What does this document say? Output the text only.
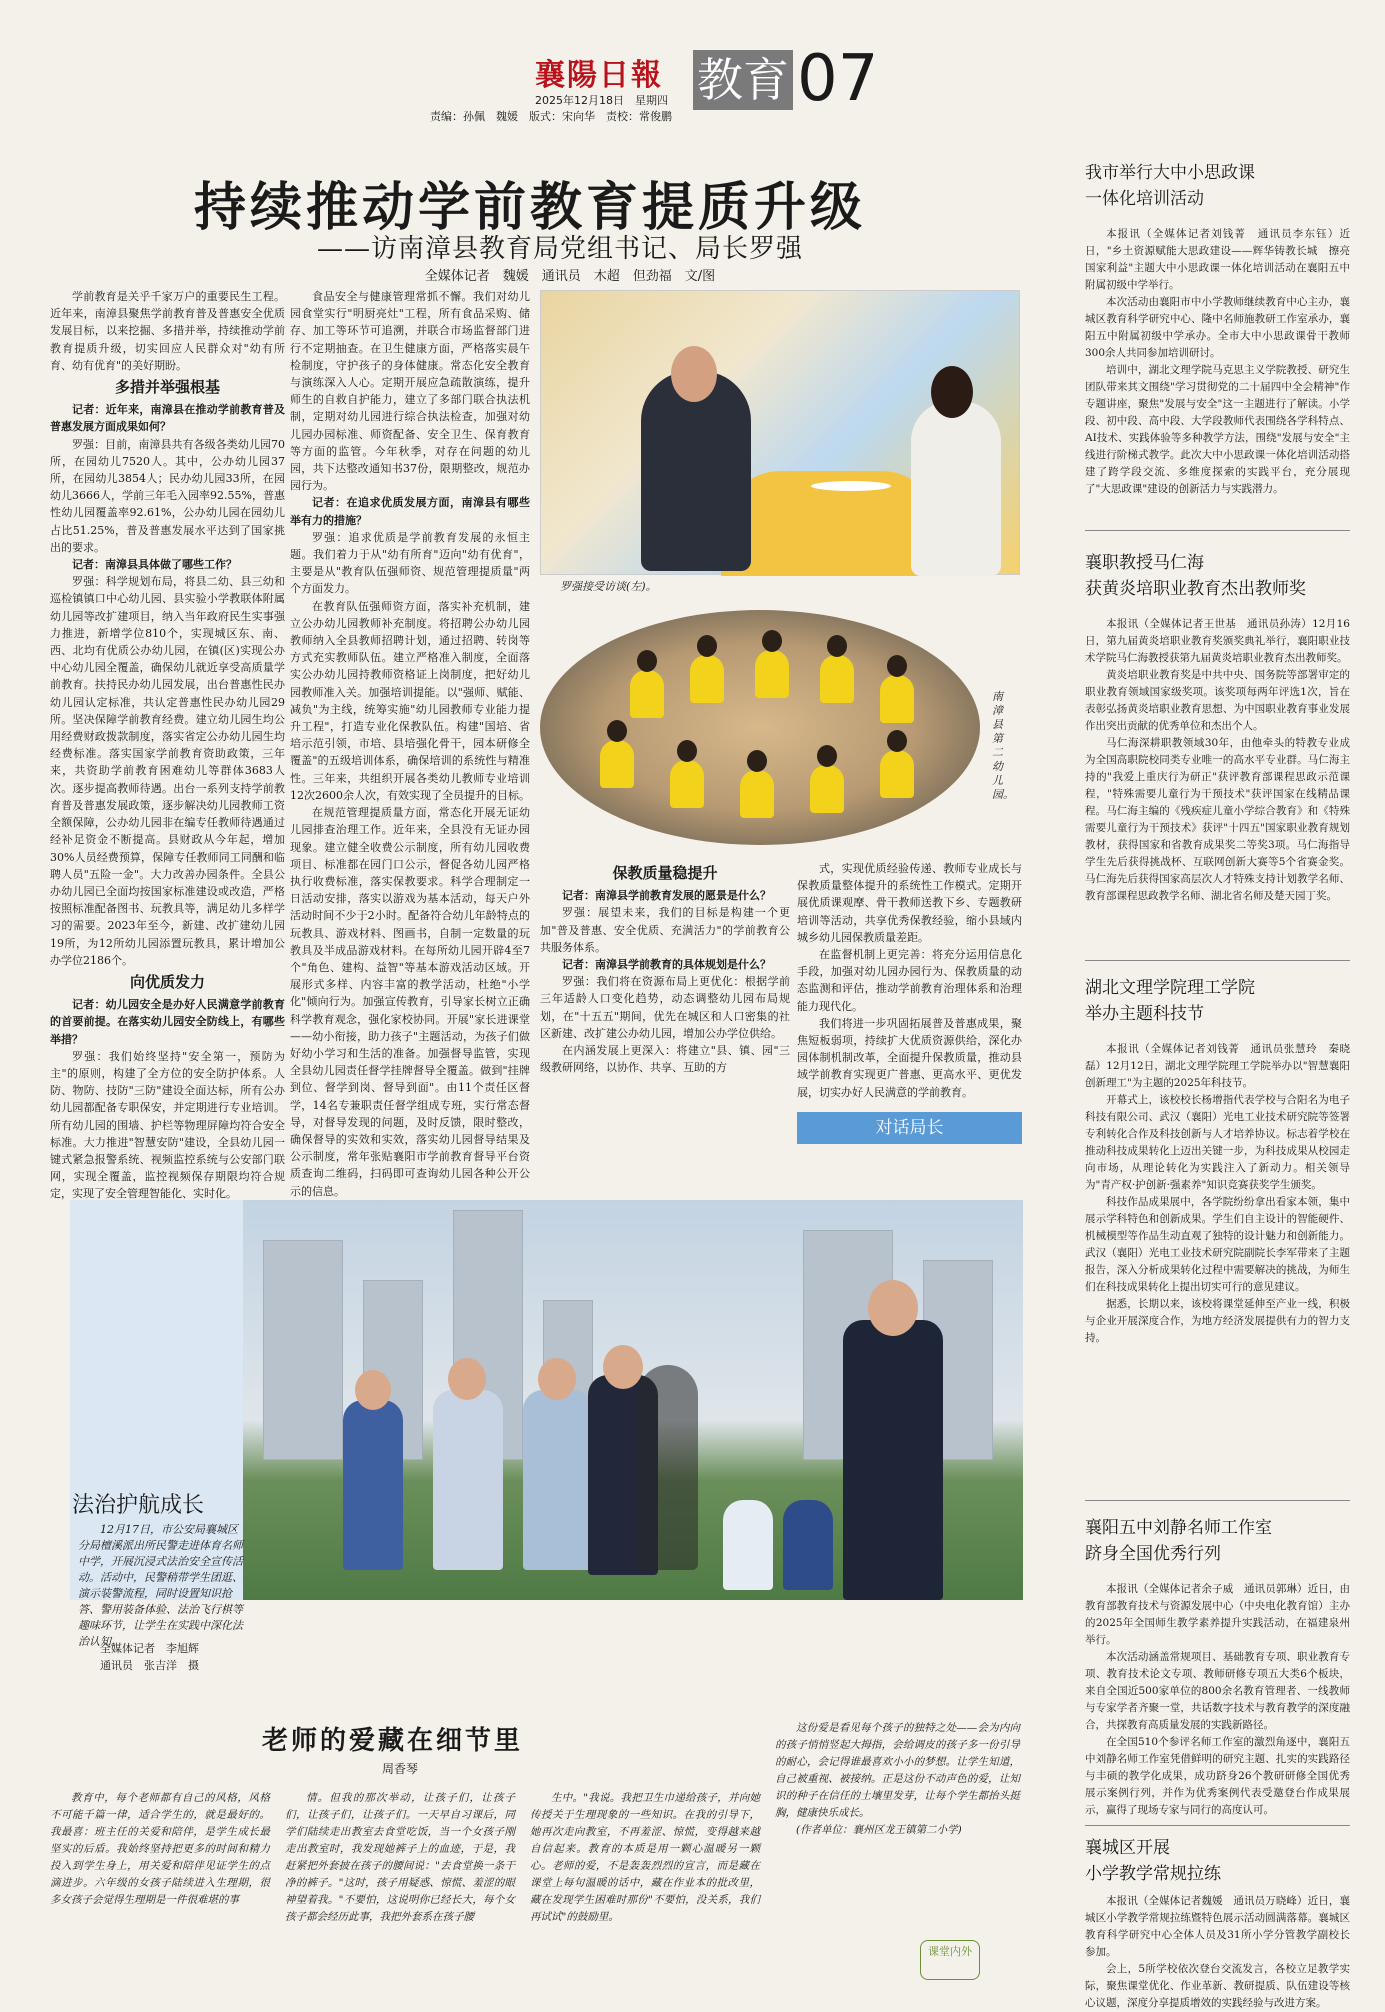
襄陽日報
2025年12月18日　星期四
责编：孙佩　魏媛　版式：宋向华　责校：常俊鹏
教育 07
持续推动学前教育提质升级
——访南漳县教育局党组书记、局长罗强
全媒体记者　魏媛　通讯员　木超　但劲福　文/图

学前教育是关乎千家万户的重要民生工程。近年来，南漳县聚焦学前教育普及普惠安全优质发展目标，以来挖掘、多措并举，持续推动学前教育提质升级，切实回应人民群众对"幼有所育、幼有优育"的美好期盼。

多措并举强根基

记者：近年来，南漳县在推动学前教育普及普惠发展方面成果如何？

罗强：目前，南漳县共有各级各类幼儿园70所，在园幼儿7520人。其中，公办幼儿园37所，在园幼儿3854人；民办幼儿园33所，在园幼儿3666人，学前三年毛入园率92.55%，普惠性幼儿园覆盖率92.61%，公办幼儿园在园幼儿占比51.25%，普及普惠发展水平达到了国家挑出的要求。

记者：南漳县具体做了哪些工作？

罗强：科学规划布局，将县二幼、县三幼和巡检镇镇口中心幼儿园、县实验小学教联体附属幼儿园等改扩建项目，纳入当年政府民生实事强力推进，新增学位810个，实现城区东、南、西、北均有优质公办幼儿园，在镇(区)实现公办中心幼儿园全覆盖，确保幼儿就近享受高质量学前教育。扶持民办幼儿园发展，出台普惠性民办幼儿园认定标准，共认定普惠性民办幼儿园29所。坚决保障学前教育经费。建立幼儿园生均公用经费财政拨款制度，落实省定公办幼儿园生均经费标准。落实国家学前教育资助政策，三年来，共资助学前教育困难幼儿等群体3683人次。逐步提高教师待遇。出台一系列支持学前教育普及普惠发展政策，逐步解决幼儿园教师工资全额保障，公办幼儿园非在编专任教师待遇通过经补足资金不断提高。县财政从今年起，增加30%人员经费预算，保障专任教师同工同酬和临聘人员"五险一金"。大力改善办园条件。全县公办幼儿园已全面均按国家标准建设或改造，严格按照标准配备图书、玩教具等，满足幼儿多样学习的需要。2023年至今，新建、改扩建幼儿园19所，为12所幼儿园添置玩教具，累计增加公办学位2186个。

向优质发力

记者：幼儿园安全是办好人民满意学前教育的首要前提。在落实幼儿园安全防线上，有哪些举措？

罗强：我们始终坚持"安全第一，预防为主"的原则，构建了全方位的安全防护体系。人防、物防、技防"三防"建设全面达标，所有公办幼儿园都配备专职保安，并定期进行专业培训。所有幼儿园的围墙、护栏等物理屏障均符合安全标准。大力推进"智慧安防"建设，全县幼儿园一键式紧急报警系统、视频监控系统与公安部门联网，实现全覆盖，监控视频保存期限均符合规定，实现了安全管理智能化、实时化。

食品安全与健康管理常抓不懈。我们对幼儿园食堂实行"明厨亮灶"工程，所有食品采购、储存、加工等环节可追溯，并联合市场监督部门进行不定期抽查。在卫生健康方面，严格落实晨午检制度，守护孩子的身体健康。常态化安全教育与演练深入人心。定期开展应急疏散演练，提升师生的自救自护能力，建立了多部门联合执法机制，定期对幼儿园进行综合执法检查，加强对幼儿园办园标准、师资配备、安全卫生、保育教育等方面的监管。今年秋季，对存在问题的幼儿园，共下达整改通知书37份，限期整改，规范办园行为。

记者：在追求优质发展方面，南漳县有哪些举有力的措施？

罗强：追求优质是学前教育发展的永恒主题。我们着力于从"幼有所育"迈向"幼有优育"，主要是从"教育队伍强师资、规范管理提质量"两个方面发力。

在教育队伍强师资方面，落实补充机制，建立公办幼儿园教师补充制度。将招聘公办幼儿园教师纳入全县教师招聘计划，通过招聘、转岗等方式充实教师队伍。建立严格准入制度，全面落实公办幼儿园持教师资格证上岗制度，把好幼儿园教师准入关。加强培训提能。以"强师、赋能、减负"为主线，统筹实施"幼儿园教师专业能力提升工程"，打造专业化保教队伍。构建"国培、省培示范引领，市培、县培强化骨干，园本研修全覆盖"的五级培训体系，确保培训的系统性与精准性。三年来，共组织开展各类幼儿教师专业培训12次2600余人次，有效实现了全员提升的目标。

在规范管理提质量方面，常态化开展无证幼儿园排查治理工作。近年来，全县没有无证办园现象。建立健全收费公示制度，所有幼儿园收费项目、标准都在园门口公示，督促各幼儿园严格执行收费标准，落实保教要求。科学合理制定一日活动安排，落实以游戏为基本活动，每天户外活动时间不少于2小时。配备符合幼儿年龄特点的玩教具、游戏材料、图画书，自制一定数量的玩教具及半成品游戏材料。在每所幼儿园开辟4至7个"角色、建构、益智"等基本游戏活动区域。开展形式多样、内容丰富的教学活动，杜绝"小学化"倾向行为。加强宣传教育，引导家长树立正确科学教育观念，强化家校协同。开展"家长进课堂——幼小衔接，助力孩子"主题活动，为孩子们做好幼小学习和生活的准备。加强督导监管，实现全县幼儿园责任督学挂牌督导全覆盖。做到"挂牌到位、督学到岗、督导到面"。由11个责任区督学，14名专兼职责任督学组成专班，实行常态督导，对督导发现的问题，及时反馈，限时整改，确保督导的实效和实效，落实幼儿园督导结果及公示制度，常年张贴襄阳市学前教育督导平台资质查询二维码，扫码即可查询幼儿园各种公开公示的信息。

保教质量稳提升

记者：南漳县学前教育发展的愿景是什么？

罗强：展望未来，我们的目标是构建一个更加"普及普惠、安全优质、充满活力"的学前教育公共服务体系。

记者：南漳县学前教育的具体规划是什么？

罗强：我们将在资源布局上更优化：根据学前三年适龄人口变化趋势，动态调整幼儿园布局规划，在"十五五"期间，优先在城区和人口密集的社区新建、改扩建公办幼儿园，增加公办学位供给。

在内涵发展上更深入：将建立"县、镇、园"三级教研网络，以协作、共享、互助的方

式，实现优质经验传递、教师专业成长与保教质量整体提升的系统性工作模式。定期开展优质课观摩、骨干教师送教下乡、专题教研培训等活动，共享优秀保教经验，缩小县域内城乡幼儿园保教质量差距。

在监督机制上更完善：将充分运用信息化手段，加强对幼儿园办园行为、保教质量的动态监测和评估，推动学前教育治理体系和治理能力现代化。

我们将进一步巩固拓展普及普惠成果，聚焦短板弱项，持续扩大优质资源供给，深化办园体制机制改革，全面提升保教质量，推动县域学前教育实现更广普惠、更高水平、更优发展，切实办好人民满意的学前教育。

罗强接受访谈(左)。
南漳县第二幼儿园。
对话局长
法治护航成长
12月17日，市公安局襄城区分局檀溪派出所民警走进体育名师中学，开展沉浸式法治安全宣传活动。活动中，民警稍带学生团逛、演示装警流程，同时设置知识抢答、警用装备体验、法治飞行棋等趣味环节，让学生在实践中深化法治认知。
全媒体记者　李旭辉
通讯员　张吉洋　摄
老师的爱藏在细节里
周香琴

教育中，每个老师都有自己的风格，风格不可能千篇一律，适合学生的，就是最好的。我最喜：班主任的关爱和陪伴，是学生成长最坚实的后盾。我始终坚持把更多的时间和精力投入到学生身上，用关爱和陪伴见证学生的点滴进步。六年级的女孩子陆续进入生理期，很多女孩子会觉得生理期是一件很难堪的事

情。但我的那次举动，让孩子们，让孩子们，让孩子们，让孩子们。一天早自习课后，同学们陆续走出教室去食堂吃饭，当一个女孩子刚走出教室时，我发现她裤子上的血迹，于是，我赶紧把外套披在孩子的腰间说："去食堂换一条干净的裤子。"这时，孩子用疑惑、惊慌、羞涩的眼神望着我。"不要怕，这说明你已经长大，每个女孩子都会经历此事，我把外套系在孩子腰

生中。"我说。我把卫生巾递给孩子，并向她传授关于生理现象的一些知识。在我的引导下，她再次走向教室，不再羞涩、惊慌，变得越来越自信起来。教育的本质是用一颗心温暖另一颗心。老师的爱，不是轰轰烈烈的宣言，而是藏在课堂上每句温暖的话中，藏在作业本的批改里，藏在发现学生困难时那份"不要怕，没关系，我们再试试"的鼓励里。

这份爱是看见每个孩子的独特之处——会为内向的孩子悄悄竖起大拇指，会给调皮的孩子多一份引导的耐心，会记得谁最喜欢小小的梦想。让学生知道，自己被重视、被接纳。正是这份不动声色的爱，让知识的种子在信任的土壤里发芽，让每个学生都抬头挺胸，健康快乐成长。

(作者单位：襄州区龙王镇第二小学)

课堂内外
我市举行大中小思政课
一体化培训活动

本报讯（全媒体记者刘钱菁　通讯员李东钰）近日，"乡土资源赋能大思政建设——辉华铸教长城　擦亮国家利益"主题大中小思政课一体化培训活动在襄阳五中附属初级中学举行。

本次活动由襄阳市中小学教师继续教育中心主办，襄城区教育科学研究中心、隆中名师施教研工作室承办，襄阳五中附属初级中学承办。全市大中小思政课骨干教师300余人共同参加培训研讨。

培训中，湖北文理学院马克思主义学院教授、研究生团队带来其文围绕"学习贯彻党的二十届四中全会精神"作专题讲座，聚焦"发展与安全"这一主题进行了解读。小学段、初中段、高中段、大学段教师代表围绕各学科特点、AI技术、实践体验等多种教学方法，围绕"发展与安全"主线进行阶梯式教学。此次大中小思政课一体化培训活动搭建了跨学段交流、多维度探索的实践平台，充分展现了"大思政课"建设的创新活力与实践潜力。

襄职教授马仁海
获黄炎培职业教育杰出教师奖

本报讯（全媒体记者王世基　通讯员孙涛）12月16日，第九届黄炎培职业教育奖颁奖典礼举行，襄阳职业技术学院马仁海教授获第九届黄炎培职业教育杰出教师奖。

黄炎培职业教育奖是中共中央、国务院等部署审定的职业教育领域国家级奖项。该奖项每两年评选1次，旨在表彰弘扬黄炎培职业教育思想、为中国职业教育事业发展作出突出贡献的优秀单位和杰出个人。

马仁海深耕职教领域30年，由他牵头的特教专业成为全国高职院校同类专业唯一的高水平专业群。马仁海主持的"我爱上重庆行为研正"获评教育部课程思政示范课程，"特殊需要儿童行为干预技术"获评国家在线精品课程。马仁海主编的《残疾症儿童小学综合教育》和《特殊需要儿童行为干预技术》获评"十四五"国家职业教育规划教材，获得国家和省教育成果奖二等奖3项。马仁海指导学生先后获得挑战杯、互联网创新大赛等5个省赛金奖。马仁海先后获得国家高层次人才特殊支持计划教学名师、教育部课程思政教学名师、湖北省名师及楚天园丁奖。

湖北文理学院理工学院
举办主题科技节

本报讯（全媒体记者刘钱菁　通讯员张慧玲　秦晓磊）12月12日，湖北文理学院理工学院举办以"智慧襄阳　创新理工"为主题的2025年科技节。

开幕式上，该校校长杨增指代表学校与合阳名为电子科技有限公司、武汉（襄阳）光电工业技术研究院等签署专利转化合作及科技创新与人才培养协议。标志着学校在推动科技成果转化上迈出关键一步，为科技成果从校园走向市场，从理论转化为实践注入了新动力。相关领导为"青产权·护创新·强素养"知识竞赛获奖学生颁奖。

科技作品成果展中，各学院纷纷拿出看家本领，集中展示学科特色和创新成果。学生们自主设计的智能硬件、机械模型等作品生动直观了独特的设计魅力和创新能力。武汉（襄阳）光电工业技术研究院副院长李军带来了主题报告，深入分析成果转化过程中需要解决的挑战，为师生们在科技成果转化上提出切实可行的意见建议。

据悉，长期以来，该校将课堂延伸至产业一线，积极与企业开展深度合作，为地方经济发展提供有力的智力支持。

襄阳五中刘静名师工作室
跻身全国优秀行列

本报讯（全媒体记者余子威　通讯员郭琳）近日，由教育部教育技术与资源发展中心（中央电化教育馆）主办的2025年全国师生教学素养提升实践活动，在福建泉州举行。

本次活动涵盖常规项目、基础教育专项、职业教育专项、教育技术论文专项、教师研修专项五大类6个板块，来自全国近500家单位的800余名教育管理者、一线教师与专家学者齐聚一堂，共话数字技术与教育教学的深度融合，共探教育高质量发展的实践新路径。

在全国510个参评名师工作室的激烈角逐中，襄阳五中刘静名师工作室凭借鲜明的研究主题、扎实的实践路径与丰硕的教学化成果，成功跻身26个教研研修全国优秀展示案例行列，并作为优秀案例代表受邀登台作成果展示，赢得了现场专家与同行的高度认可。

襄城区开展
小学教学常规拉练

本报讯（全媒体记者魏媛　通讯员万晓峰）近日，襄城区小学教学常规拉练暨特色展示活动圆满落幕。襄城区教育科学研究中心全体人员及31所小学分管教学副校长参加。

会上，5所学校依次登台交流发言，各校立足教学实际，聚焦课堂优化、作业革新、教研提质、队伍建设等核心议题，深度分享提质增效的实践经验与改进方案。
